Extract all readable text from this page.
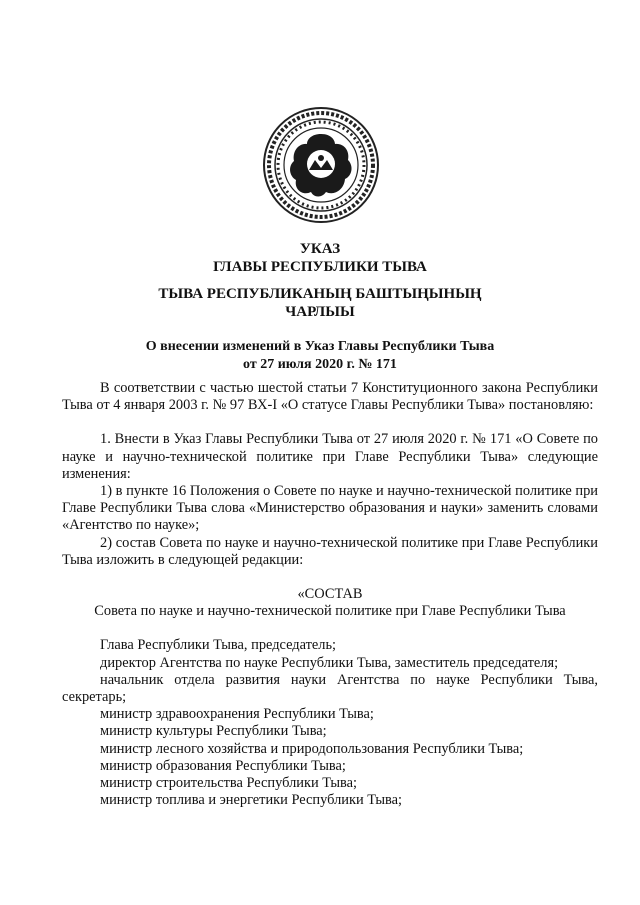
УКАЗ
ГЛАВЫ РЕСПУБЛИКИ ТЫВА
ТЫВА РЕСПУБЛИКАНЫҢ БАШТЫҢЫНЫҢ
ЧАРЛЫЫ
О внесении изменений в Указ Главы Республики Тыва
от 27 июля 2020 г. № 171

В соответствии с частью шестой статьи 7 Конституционного закона Республики Тыва от 4 января 2003 г. № 97 ВХ-I «О статусе Главы Республики Тыва» постановляю:

1. Внести в Указ Главы Республики Тыва от 27 июля 2020 г. № 171 «О Совете по науке и научно-технической политике при Главе Республики Тыва» следующие изменения:

1) в пункте 16 Положения о Совете по науке и научно-технической политике при Главе Республики Тыва слова «Министерство образования и науки» заменить словами «Агентство по науке»;

2) состав Совета по науке и научно-технической политике при Главе Республики Тыва изложить в следующей редакции:

«СОСТАВ

Совета по науке и научно-технической политике при Главе Республики Тыва

Глава Республики Тыва, председатель;

директор Агентства по науке Республики Тыва, заместитель председателя;

начальник отдела развития науки Агентства по науке Республики Тыва, секретарь;

министр здравоохранения Республики Тыва;

министр культуры Республики Тыва;

министр лесного хозяйства и природопользования Республики Тыва;

министр образования Республики Тыва;

министр строительства Республики Тыва;

министр топлива и энергетики Республики Тыва;
